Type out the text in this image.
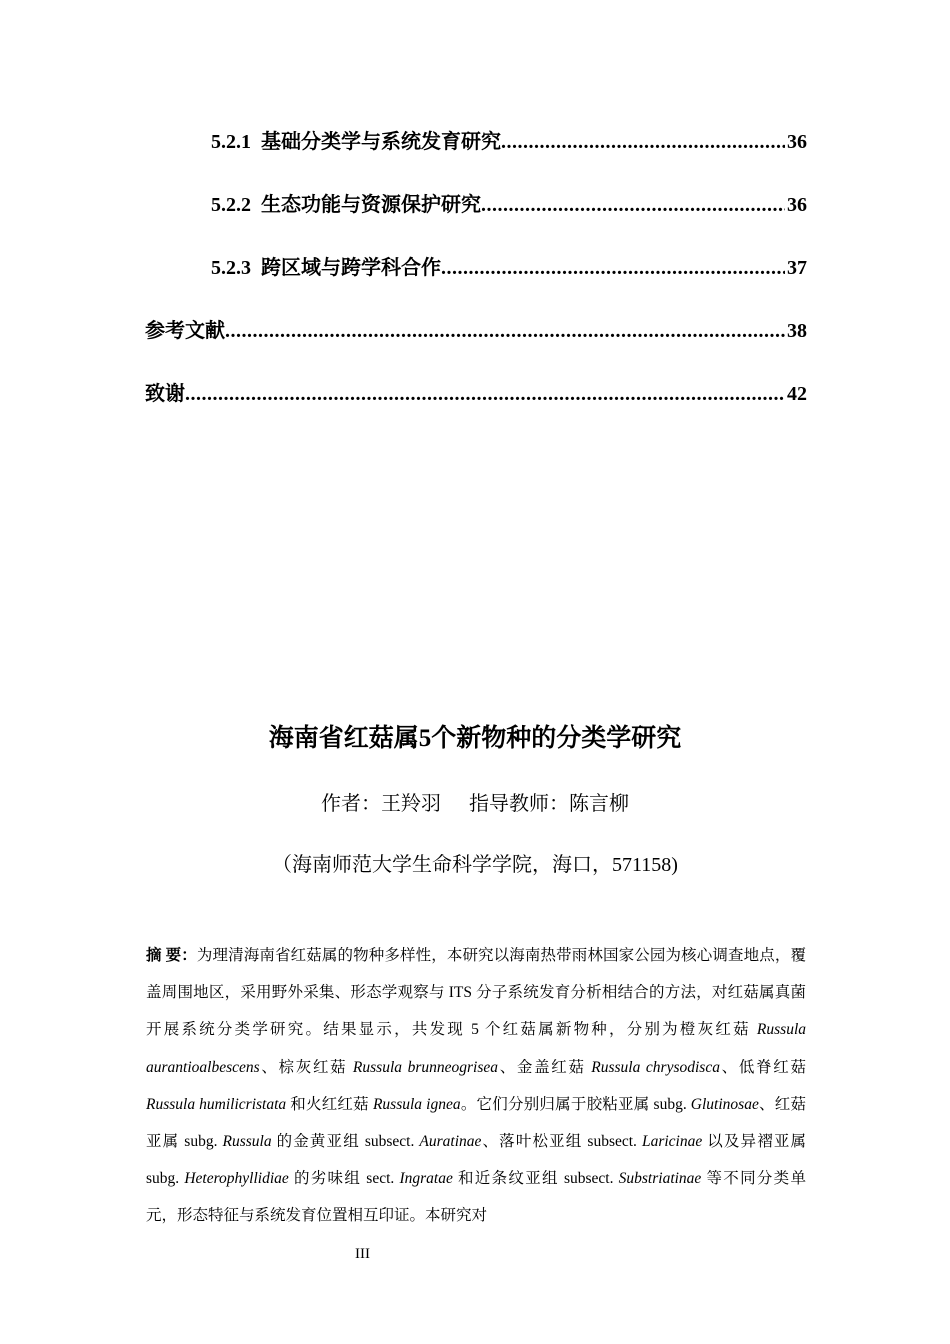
5.2.1 基础分类学与系统发育研究 .....	36
5.2.2 生态功能与资源保护研究 .....	36
5.2.3 跨区域与跨学科合作 .....	37
参考文献 .....	38
致谢 .....	42
海南省红菇属5个新物种的分类学研究
作者：王羚羽 指导教师：陈言柳
（海南师范大学生命科学学院，海口，571158)
摘 要：为理清海南省红菇属的物种多样性，本研究以海南热带雨林国家公园为核心调查地点，覆盖周围地区，采用野外采集、形态学观察与 ITS 分子系统发育分析相结合的方法，对红菇属真菌开展系统分类学研究。结果显示，共发现 5 个红菇属新物种，分别为橙灰红菇 Russula aurantioalbescens、棕灰红菇 Russula brunneogrisea、金盖红菇 Russula chrysodisca、低脊红菇 Russula humilicristata 和火红红菇 Russula ignea。它们分别归属于胶粘亚属 subg. Glutinosae、红菇亚属 subg. Russula 的金黄亚组 subsect. Auratinae、落叶松亚组 subsect. Laricinae 以及异褶亚属 subg. Heterophyllidiae 的劣味组 sect. Ingratae 和近条纹亚组 subsect. Substriatinae 等不同分类单元，形态特征与系统发育位置相互印证。本研究对
III
